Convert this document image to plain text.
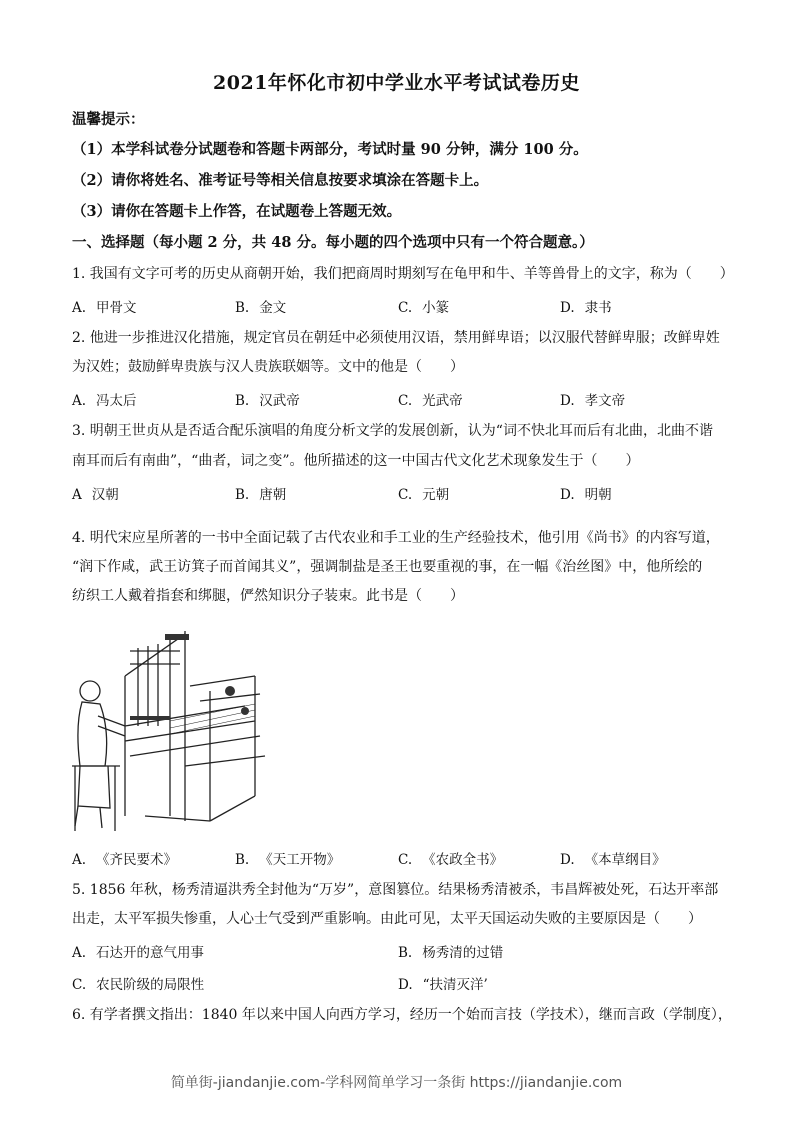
2021年怀化市初中学业水平考试试卷历史
温馨提示：
（1）本学科试卷分试题卷和答题卡两部分，考试时量 90 分钟，满分 100 分。
（2）请你将姓名、准考证号等相关信息按要求填涂在答题卡上。
（3）请你在答题卡上作答，在试题卷上答题无效。
一、选择题（每小题 2 分，共 48 分。每小题的四个选项中只有一个符合题意。）
1. 我国有文字可考的历史从商朝开始，我们把商周时期刻写在龟甲和牛、羊等兽骨上的文字，称为（　　）
A. 甲骨文	B. 金文	C. 小篆	D. 隶书
2. 他进一步推进汉化措施，规定官员在朝廷中必须使用汉语，禁用鲜卑语；以汉服代替鲜卑服；改鲜卑姓
为汉姓；鼓励鲜卑贵族与汉人贵族联姻等。文中的他是（　　）
A. 冯太后	B. 汉武帝	C. 光武帝	D. 孝文帝
3. 明朝王世贞从是否适合配乐演唱的角度分析文学的发展创新，认为“词不快北耳而后有北曲，北曲不谐
南耳而后有南曲”，“曲者，词之变”。他所描述的这一中国古代文化艺术现象发生于（　　）
A 汉朝	B. 唐朝	C. 元朝	D. 明朝
4. 明代宋应星所著的一书中全面记载了古代农业和手工业的生产经验技术，他引用《尚书》的内容写道，
“润下作咸，武王访箕子而首闻其义”，强调制盐是圣王也要重视的事，在一幅《治丝图》中，他所绘的
纺织工人戴着指套和绑腿，俨然知识分子装束。此书是（　　）
A. 《齐民要术》	B. 《天工开物》	C. 《农政全书》	D. 《本草纲目》
5. 1856 年秋，杨秀清逼洪秀全封他为“万岁”，意图篡位。结果杨秀清被杀，韦昌辉被处死，石达开率部
出走，太平军损失惨重，人心士气受到严重影响。由此可见，太平天国运动失败的主要原因是（　　）
A. 石达开的意气用事	B. 杨秀清的过错
C. 农民阶级的局限性	D. “扶清灭洋’
6. 有学者撰文指出：1840 年以来中国人向西方学习，经历一个始而言技（学技术），继而言政（学制度），
简单街-jiandanjie.com-学科网简单学习一条街 https://jiandanjie.com
